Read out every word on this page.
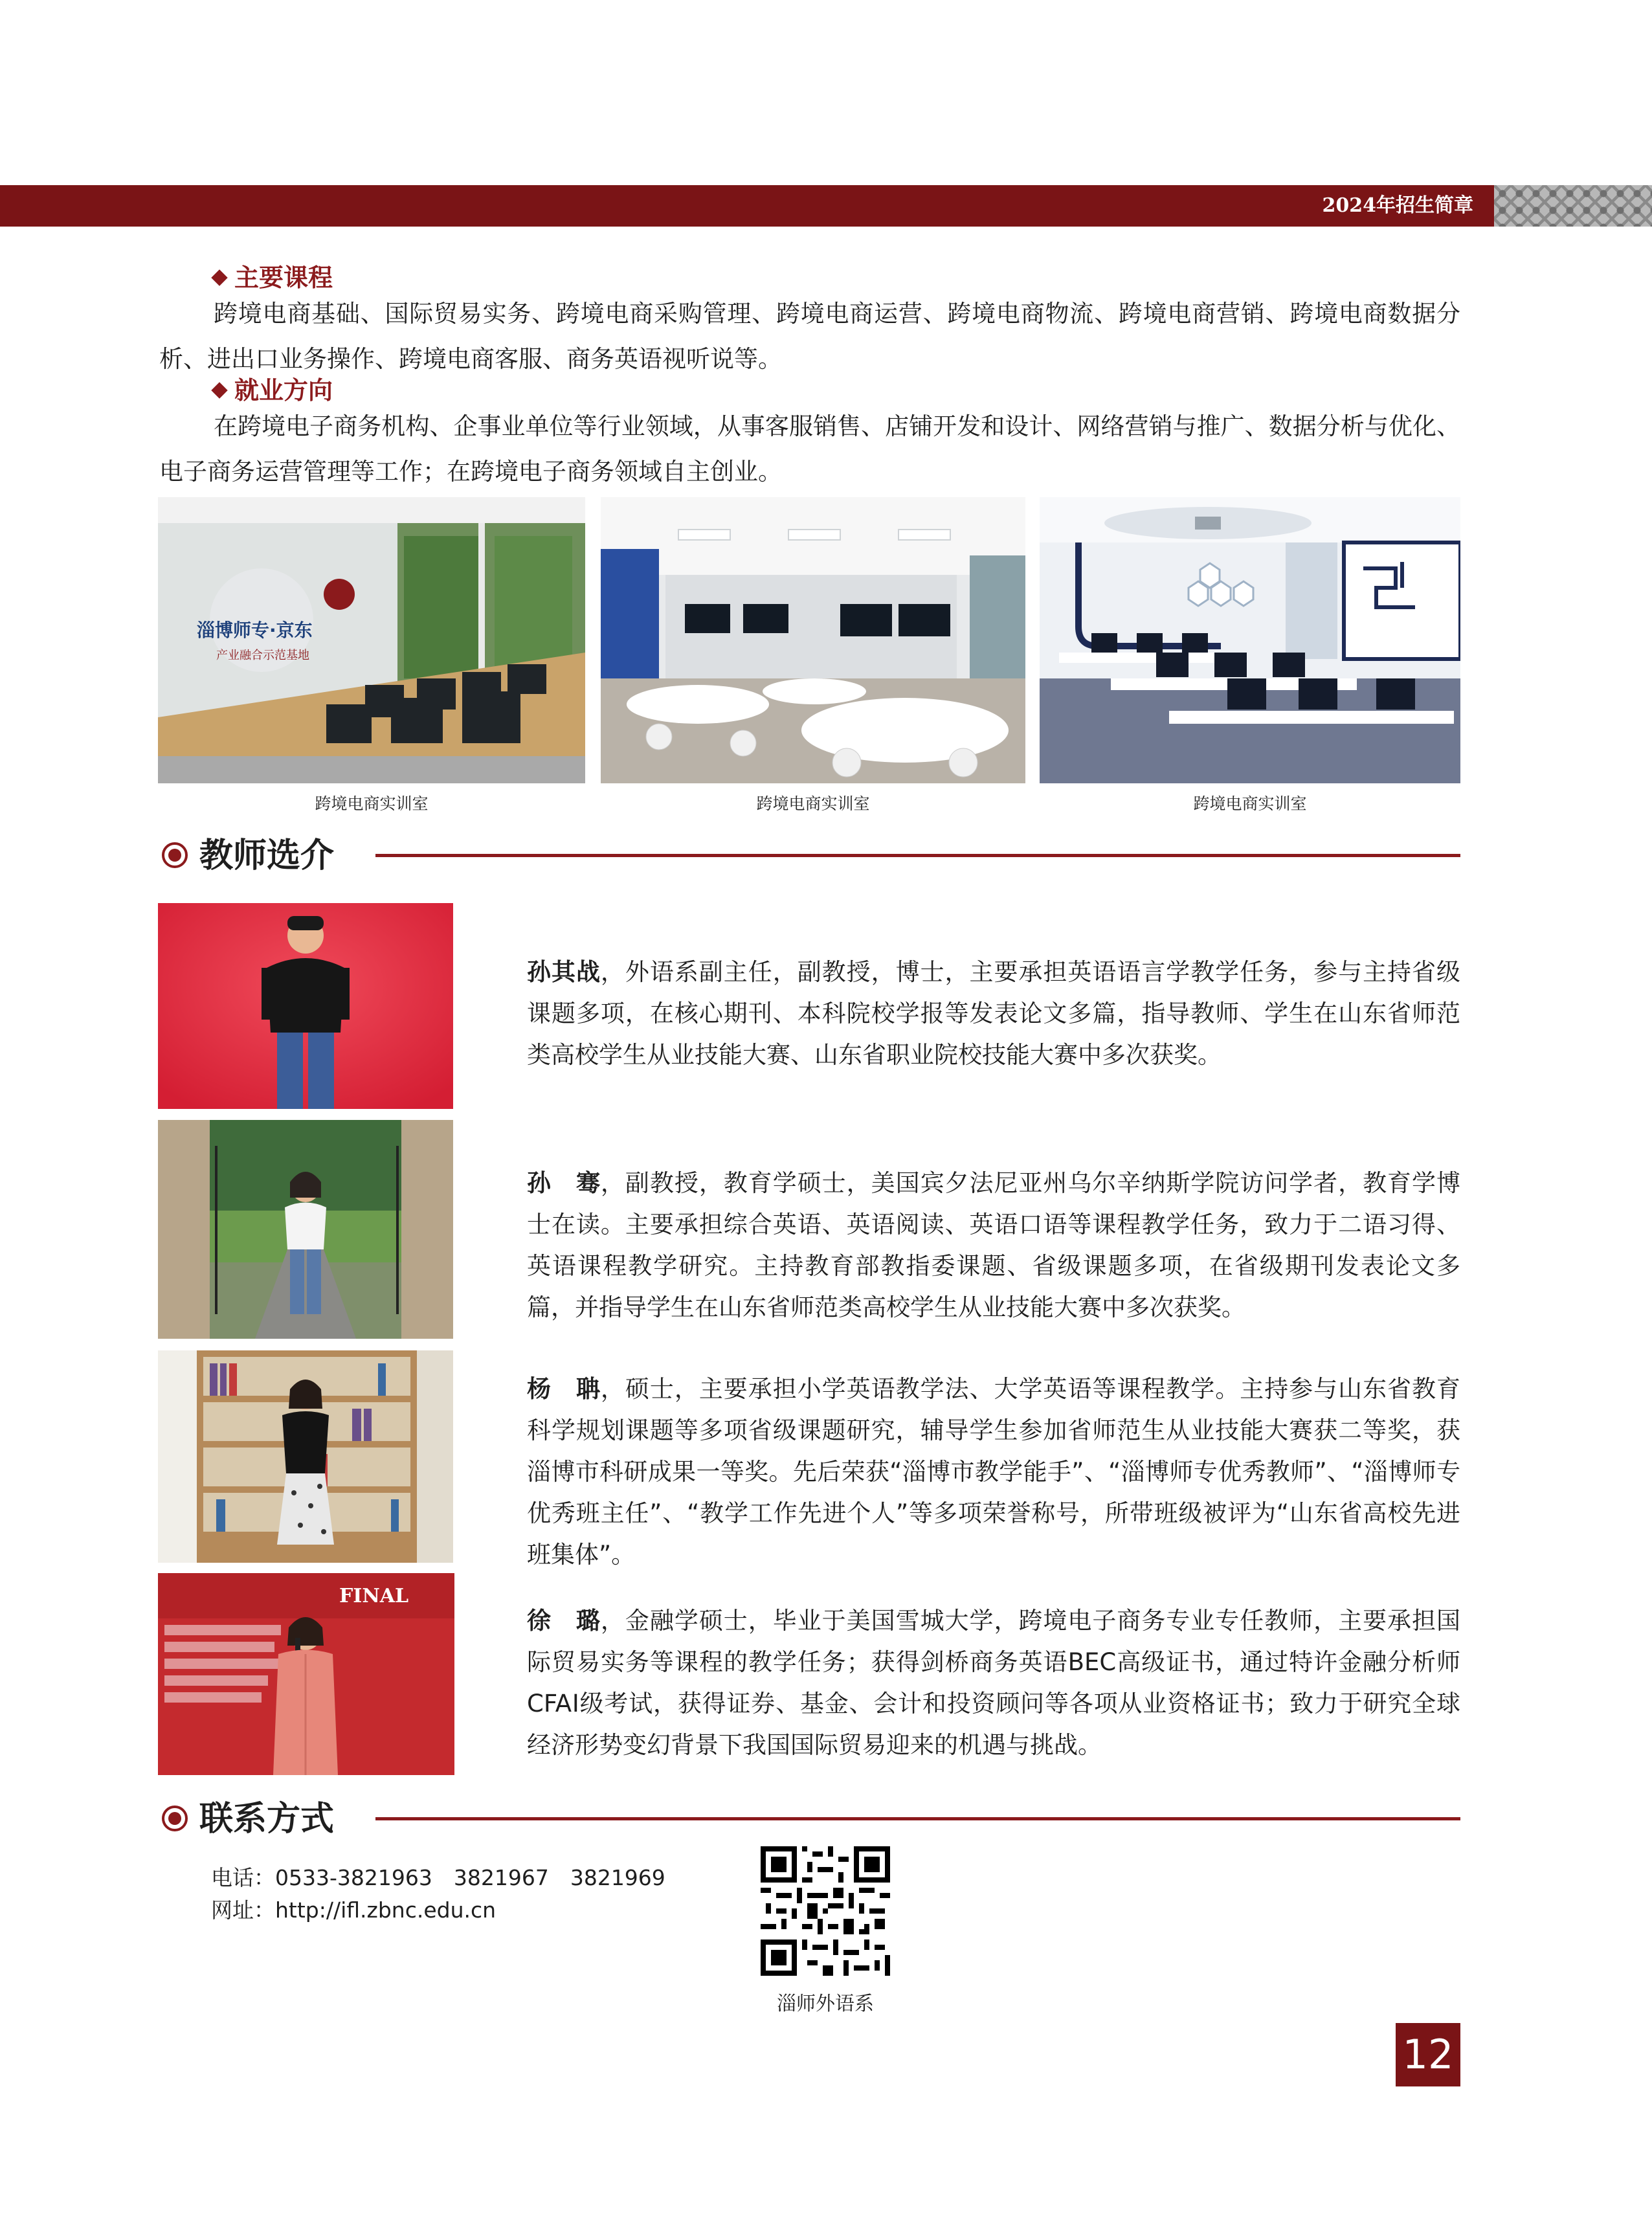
2024年招生简章
主要课程
跨境电商基础、国际贸易实务、跨境电商采购管理、跨境电商运营、跨境电商物流、跨境电商营销、跨境电商数据分析、进出口业务操作、跨境电商客服、商务英语视听说等。
就业方向
在跨境电子商务机构、企事业单位等行业领域，从事客服销售、店铺开发和设计、网络营销与推广、数据分析与优化、电子商务运营管理等工作；在跨境电子商务领域自主创业。
淄博师专·京东
产业融合示范基地
跨境电商实训室	跨境电商实训室	跨境电商实训室
教师选介
孙其战，外语系副主任，副教授，博士，主要承担英语语言学教学任务，参与主持省级课题多项，在核心期刊、本科院校学报等发表论文多篇，指导教师、学生在山东省师范类高校学生从业技能大赛、山东省职业院校技能大赛中多次获奖。
孙　骞，副教授，教育学硕士，美国宾夕法尼亚州乌尔辛纳斯学院访问学者，教育学博士在读。主要承担综合英语、英语阅读、英语口语等课程教学任务，致力于二语习得、英语课程教学研究。主持教育部教指委课题、省级课题多项，在省级期刊发表论文多篇，并指导学生在山东省师范类高校学生从业技能大赛中多次获奖。
杨　聃，硕士，主要承担小学英语教学法、大学英语等课程教学。主持参与山东省教育科学规划课题等多项省级课题研究，辅导学生参加省师范生从业技能大赛获二等奖，获淄博市科研成果一等奖。先后荣获“淄博市教学能手”、“淄博师专优秀教师”、“淄博师专优秀班主任”、“教学工作先进个人”等多项荣誉称号，所带班级被评为“山东省高校先进班集体”。
FINAL
徐　璐，金融学硕士，毕业于美国雪城大学，跨境电子商务专业专任教师，主要承担国际贸易实务等课程的教学任务；获得剑桥商务英语BEC高级证书，通过特许金融分析师CFAⅠ级考试，获得证券、基金、会计和投资顾问等各项从业资格证书；致力于研究全球经济形势变幻背景下我国国际贸易迎来的机遇与挑战。
联系方式
电话：0533-3821963　3821967　3821969
网址：http://ifl.zbnc.edu.cn
淄师外语系
12
